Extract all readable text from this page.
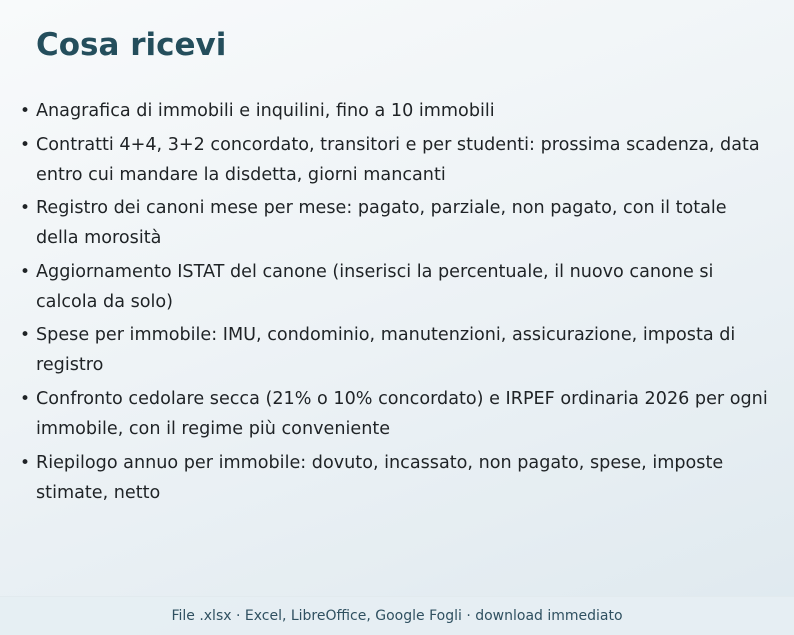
Cosa ricevi
• Anagrafica di immobili e inquilini, fino a 10 immobili
• Contratti 4+4, 3+2 concordato, transitori e per studenti: prossima scadenza, data entro cui mandare la disdetta, giorni mancanti
• Registro dei canoni mese per mese: pagato, parziale, non pagato, con il totale della morosità
• Aggiornamento ISTAT del canone (inserisci la percentuale, il nuovo canone si calcola da solo)
• Spese per immobile: IMU, condominio, manutenzioni, assicurazione, imposta di registro
• Confronto cedolare secca (21% o 10% concordato) e IRPEF ordinaria 2026 per ogni immobile, con il regime più conveniente
• Riepilogo annuo per immobile: dovuto, incassato, non pagato, spese, imposte stimate, netto
File .xlsx · Excel, LibreOffice, Google Fogli · download immediato
